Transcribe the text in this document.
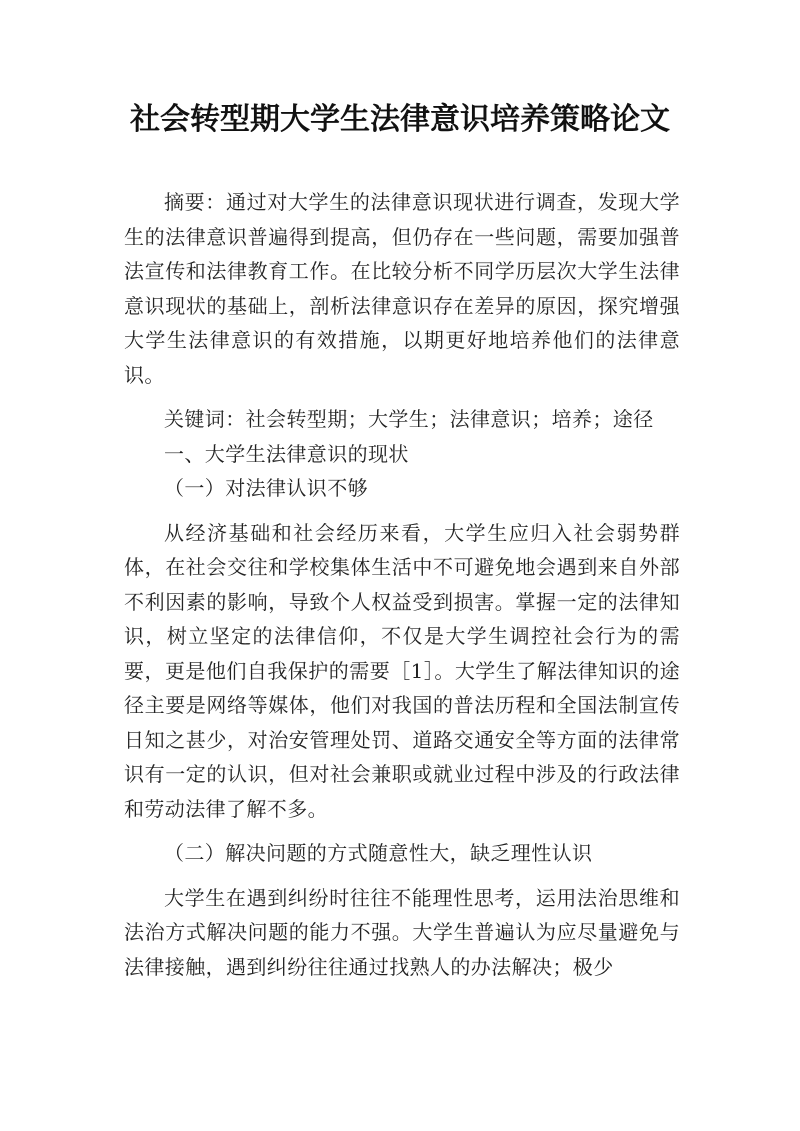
社会转型期大学生法律意识培养策略论文

摘要：通过对大学生的法律意识现状进行调查，发现大学生的法律意识普遍得到提高，但仍存在一些问题，需要加强普法宣传和法律教育工作。在比较分析不同学历层次大学生法律意识现状的基础上，剖析法律意识存在差异的原因，探究增强大学生法律意识的有效措施，以期更好地培养他们的法律意识。

关键词：社会转型期；大学生；法律意识；培养；途径

一、大学生法律意识的现状

（一）对法律认识不够

从经济基础和社会经历来看，大学生应归入社会弱势群体，在社会交往和学校集体生活中不可避免地会遇到来自外部不利因素的影响，导致个人权益受到损害。掌握一定的法律知识，树立坚定的法律信仰，不仅是大学生调控社会行为的需要，更是他们自我保护的需要［1］。大学生了解法律知识的途径主要是网络等媒体，他们对我国的普法历程和全国法制宣传日知之甚少，对治安管理处罚、道路交通安全等方面的法律常识有一定的认识，但对社会兼职或就业过程中涉及的行政法律和劳动法律了解不多。

（二）解决问题的方式随意性大，缺乏理性认识

大学生在遇到纠纷时往往不能理性思考，运用法治思维和法治方式解决问题的能力不强。大学生普遍认为应尽量避免与法律接触，遇到纠纷往往通过找熟人的办法解决；极少
